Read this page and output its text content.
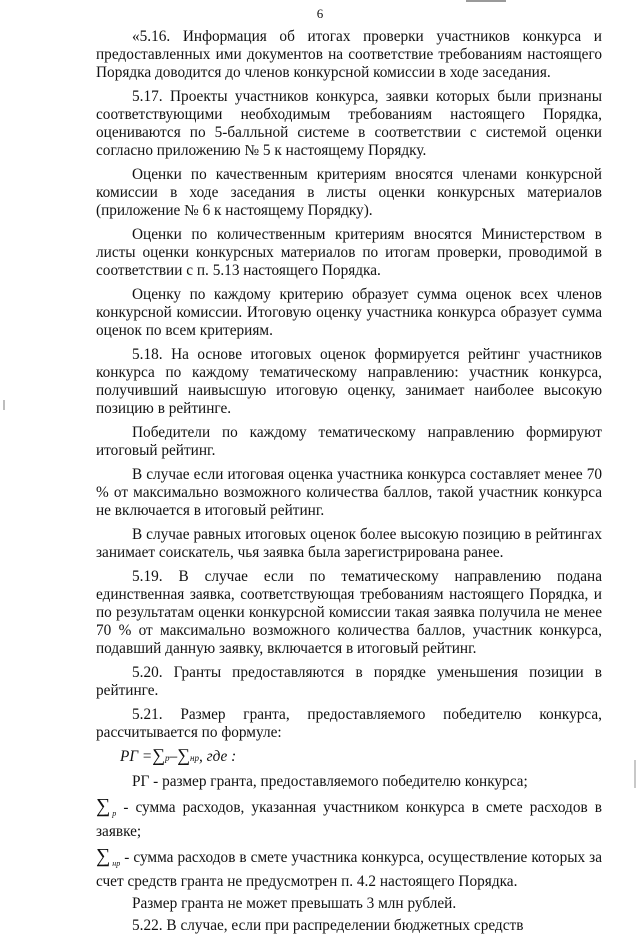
6

«5.16. Информация об итогах проверки участников конкурса и предоставленных ими документов на соответствие требованиям настоящего Порядка доводится до членов конкурсной комиссии в ходе заседания.

5.17. Проекты участников конкурса, заявки которых были признаны соответствующими необходимым требованиям настоящего Порядка, оцениваются по 5-балльной системе в соответствии с системой оценки согласно приложению № 5 к настоящему Порядку.

Оценки по качественным критериям вносятся членами конкурсной комиссии в ходе заседания в листы оценки конкурсных материалов (приложение № 6 к настоящему Порядку).

Оценки по количественным критериям вносятся Министерством в листы оценки конкурсных материалов по итогам проверки, проводимой в соответствии с п. 5.13 настоящего Порядка.

Оценку по каждому критерию образует сумма оценок всех членов конкурсной комиссии. Итоговую оценку участника конкурса образует сумма оценок по всем критериям.

5.18. На основе итоговых оценок формируется рейтинг участников конкурса по каждому тематическому направлению: участник конкурса, получивший наивысшую итоговую оценку, занимает наиболее высокую позицию в рейтинге.

Победители по каждому тематическому направлению формируют итоговый рейтинг.

В случае если итоговая оценка участника конкурса составляет менее 70 % от максимально возможного количества баллов, такой участник конкурса не включается в итоговый рейтинг.

В случае равных итоговых оценок более высокую позицию в рейтингах занимает соискатель, чья заявка была зарегистрирована ранее.

5.19. В случае если по тематическому направлению подана единственная заявка, соответствующая требованиям настоящего Порядка, и по результатам оценки конкурсной комиссии такая заявка получила не менее 70 % от максимально возможного количества баллов, участник конкурса, подавший данную заявку, включается в итоговый рейтинг.

5.20. Гранты предоставляются в порядке уменьшения позиции в рейтинге.

5.21. Размер гранта, предоставляемого победителю конкурса, рассчитывается по формуле:

РГ = ∑ р – ∑ нр , где :

РГ - размер гранта, предоставляемого победителю конкурса;

∑ $_р$ - сумма расходов, указанная участником конкурса в смете расходов в заявке;

∑ $_{нр}$ - сумма расходов в смете участника конкурса, осуществление которых за счет средств гранта не предусмотрен п. 4.2 настоящего Порядка.

Размер гранта не может превышать 3 млн рублей.

5.22. В случае, если при распределении бюджетных средств
